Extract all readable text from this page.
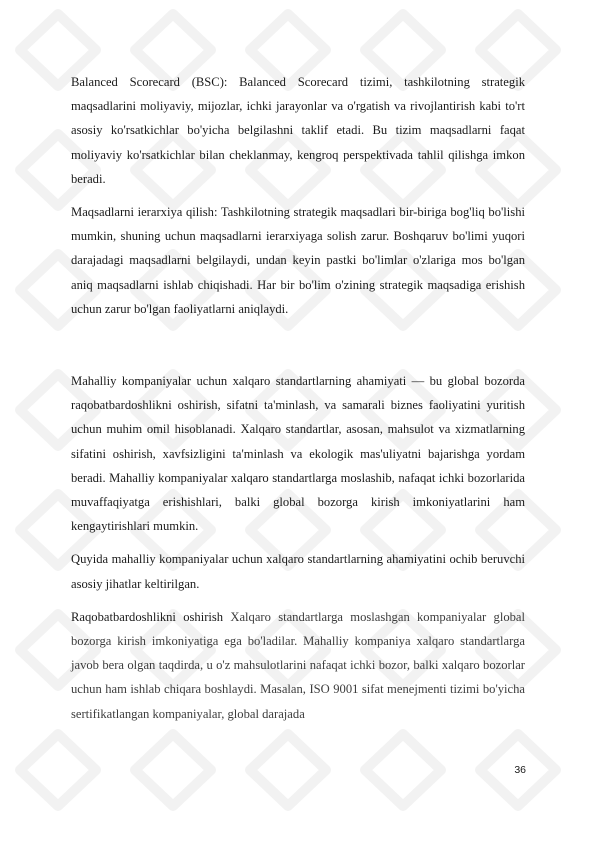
Balanced Scorecard (BSC): Balanced Scorecard tizimi, tashkilotning strategik maqsadlarini moliyaviy, mijozlar, ichki jarayonlar va o'rgatish va rivojlantirish kabi to'rt asosiy ko'rsatkichlar bo'yicha belgilashni taklif etadi. Bu tizim maqsadlarni faqat moliyaviy ko'rsatkichlar bilan cheklanmay, kengroq perspektivada tahlil qilishga imkon beradi.

Maqsadlarni ierarxiya qilish: Tashkilotning strategik maqsadlari bir-biriga bog'liq bo'lishi mumkin, shuning uchun maqsadlarni ierarxiyaga solish zarur. Boshqaruv bo'limi yuqori darajadagi maqsadlarni belgilaydi, undan keyin pastki bo'limlar o'zlariga mos bo'lgan aniq maqsadlarni ishlab chiqishadi. Har bir bo'lim o'zining strategik maqsadiga erishish uchun zarur bo'lgan faoliyatlarni aniqlaydi.

Mahalliy kompaniyalar uchun xalqaro standartlarning ahamiyati — bu global bozorda raqobatbardoshlikni oshirish, sifatni ta'minlash, va samarali biznes faoliyatini yuritish uchun muhim omil hisoblanadi. Xalqaro standartlar, asosan, mahsulot va xizmatlarning sifatini oshirish, xavfsizligini ta'minlash va ekologik mas'uliyatni bajarishga yordam beradi. Mahalliy kompaniyalar xalqaro standartlarga moslashib, nafaqat ichki bozorlarida muvaffaqiyatga erishishlari, balki global bozorga kirish imkoniyatlarini ham kengaytirishlari mumkin.

Quyida mahalliy kompaniyalar uchun xalqaro standartlarning ahamiyatini ochib beruvchi asosiy jihatlar keltirilgan.

Raqobatbardoshlikni oshirish Xalqaro standartlarga moslashgan kompaniyalar global bozorga kirish imkoniyatiga ega bo'ladilar. Mahalliy kompaniya xalqaro standartlarga javob bera olgan taqdirda, u o'z mahsulotlarini nafaqat ichki bozor, balki xalqaro bozorlar uchun ham ishlab chiqara boshlaydi. Masalan, ISO 9001 sifat menejmenti tizimi bo'yicha sertifikatlangan kompaniyalar, global darajada

36
